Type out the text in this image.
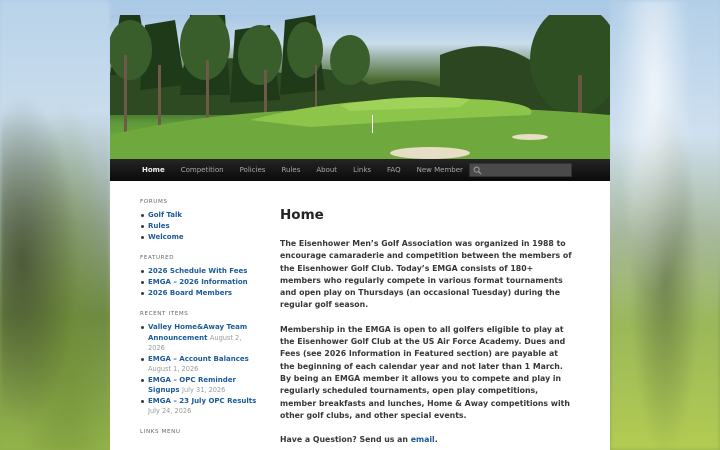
Home Competition Policies Rules About Links FAQ New Member
FORUMS
Golf Talk
Rules
Welcome
FEATURED
2026 Schedule With Fees
EMGA – 2026 Information
2026 Board Members
RECENT ITEMS
Valley Home&Away Team Announcement August 2, 2026
EMGA – Account Balances August 1, 2026
EMGA – OPC Reminder Signups July 31, 2026
EMGA – 23 July OPC Results July 24, 2026
LINKS MENU
Home

The Eisenhower Men’s Golf Association was organized in 1988 to encourage camaraderie and competition between the members of the Eisenhower Golf Club. Today’s EMGA consists of 180+ members who regularly compete in various format tournaments and open play on Thursdays (an occasional Tuesday) during the regular golf season.

Membership in the EMGA is open to all golfers eligible to play at the Eisenhower Golf Club at the US Air Force Academy. Dues and Fees (see 2026 Information in Featured section) are payable at the beginning of each calendar year and not later than 1 March. By being an EMGA member it allows you to compete and play in regularly scheduled tournaments, open play competitions, member breakfasts and lunches, Home & Away competitions with other golf clubs, and other special events.

Have a Question? Send us an email.
